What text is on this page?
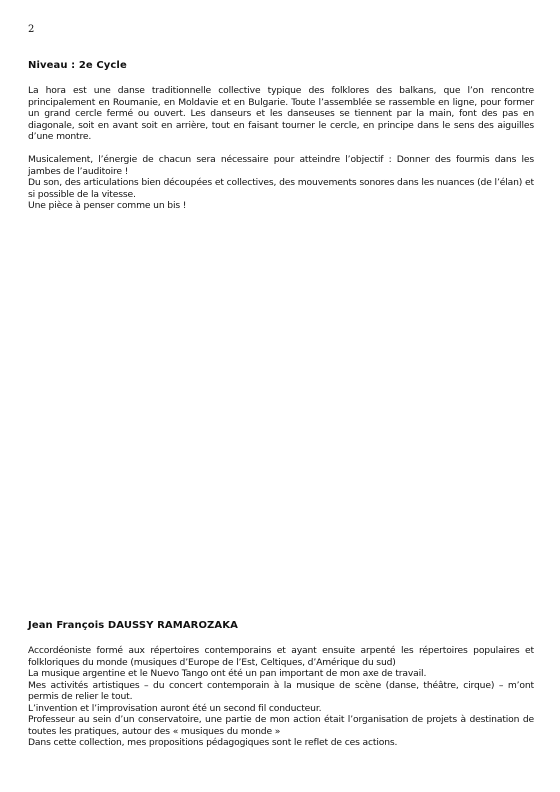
2
Niveau : 2e Cycle

La hora est une danse traditionnelle collective typique des folklores des balkans, que l’on rencontre principalement en Roumanie, en Moldavie et en Bulgarie. Toute l’assemblée se rassemble en ligne, pour former un grand cercle fermé ou ouvert. Les danseurs et les danseuses se tiennent par la main, font des pas en diagonale, soit en avant soit en arrière, tout en faisant tourner le cercle, en principe dans le sens des aiguilles d’une montre.

Musicalement, l’énergie de chacun sera nécessaire pour atteindre l’objectif : Donner des fourmis dans les jambes de l’auditoire !

Du son, des articulations bien découpées et collectives, des mouvements sonores dans les nuances (de l’élan) et si possible de la vitesse.

Une pièce à penser comme un bis !

Jean François DAUSSY RAMAROZAKA

Accordéoniste formé aux répertoires contemporains et ayant ensuite arpenté les répertoires populaires et folkloriques du monde (musiques d’Europe de l’Est, Celtiques, d’Amérique du sud)

La musique argentine et le Nuevo Tango ont été un pan important de mon axe de travail.

Mes activités artistiques – du concert contemporain à la musique de scène (danse, théâtre, cirque) – m’ont permis de relier le tout.

L’invention et l’improvisation auront été un second fil conducteur.

Professeur au sein d’un conservatoire, une partie de mon action était l’organisation de projets à destination de toutes les pratiques, autour des « musiques du monde »

Dans cette collection, mes propositions pédagogiques sont le reflet de ces actions.
